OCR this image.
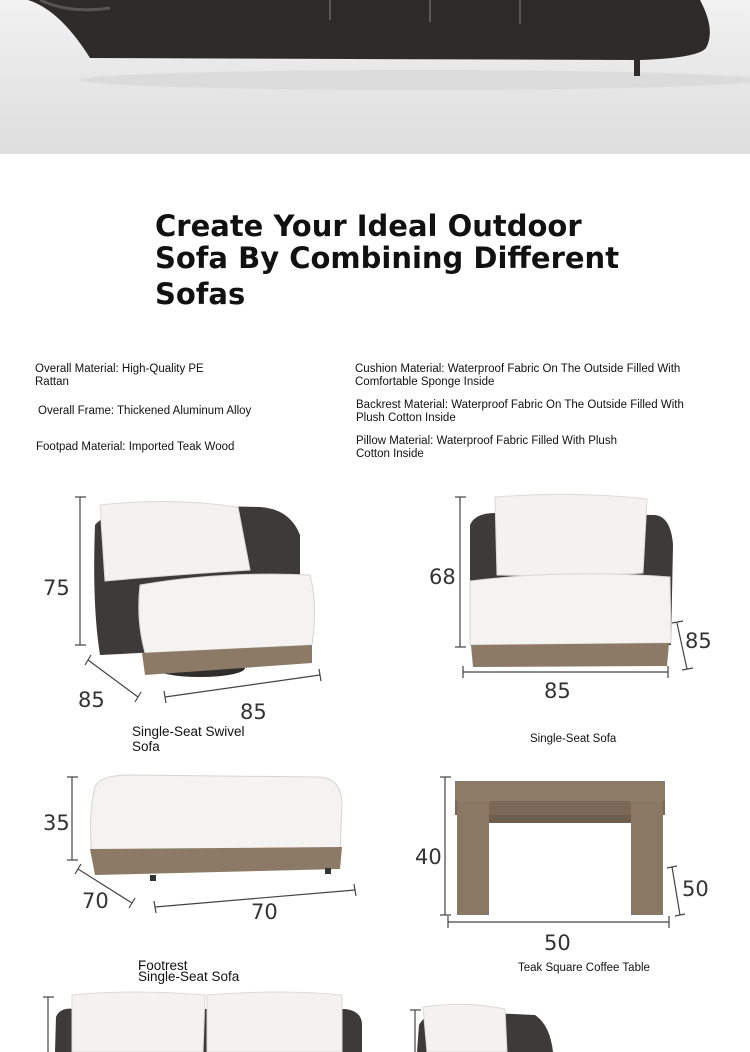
Create Your Ideal Outdoor
Sofa By Combining Different
Sofas
Overall Material: High-Quality PE Rattan
Overall Frame: Thickened Aluminum Alloy
Footpad Material: Imported Teak Wood
Cushion Material: Waterproof Fabric On The Outside Filled With Comfortable Sponge Inside
Backrest Material: Waterproof Fabric On The Outside Filled With Plush Cotton Inside
Pillow Material: Waterproof Fabric Filled With Plush Cotton Inside
75
85	85
Single-Seat Swivel Sofa
68
85
85
Single-Seat Sofa
35
70	70
Footrest
40
50
50
Teak Square Coffee Table
Single-Seat Sofa
